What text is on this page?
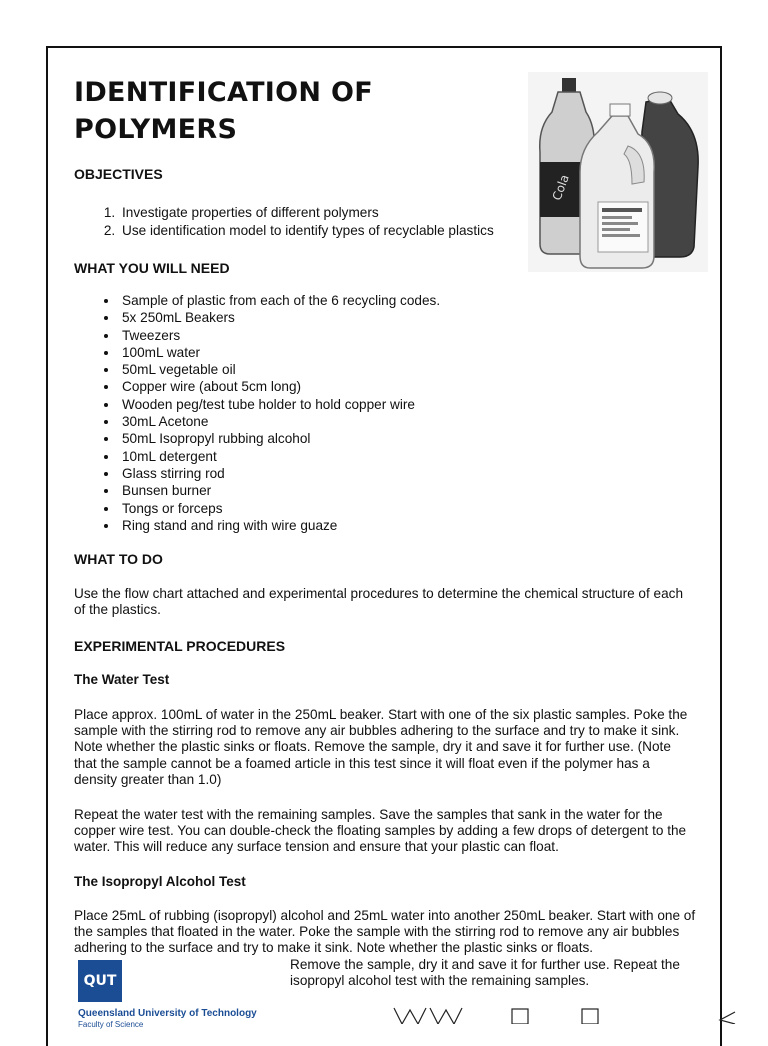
IDENTIFICATION OF POLYMERS
Cola
OBJECTIVES
1. Investigate properties of different polymers
2. Use identification model to identify types of recyclable plastics
WHAT YOU WILL NEED
• Sample of plastic from each of the 6 recycling codes.
• 5x 250mL Beakers
• Tweezers
• 100mL water
• 50mL vegetable oil
• Copper wire (about 5cm long)
• Wooden peg/test tube holder to hold copper wire
• 30mL Acetone
• 50mL Isopropyl rubbing alcohol
• 10mL detergent
• Glass stirring rod
• Bunsen burner
• Tongs or forceps
• Ring stand and ring with wire guaze
WHAT TO DO
Use the flow chart attached and experimental procedures to determine the chemical structure of each of the plastics.
EXPERIMENTAL PROCEDURES
The Water Test
Place approx. 100mL of water in the 250mL beaker. Start with one of the six plastic samples. Poke the sample with the stirring rod to remove any air bubbles adhering to the surface and try to make it sink. Note whether the plastic sinks or floats. Remove the sample, dry it and save it for further use. (Note that the sample cannot be a foamed article in this test since it will float even if the polymer has a density greater than 1.0)
Repeat the water test with the remaining samples. Save the samples that sank in the water for the copper wire test. You can double-check the floating samples by adding a few drops of detergent to the water. This will reduce any surface tension and ensure that your plastic can float.
The Isopropyl Alcohol Test
Place 25mL of rubbing (isopropyl) alcohol and 25mL water into another 250mL beaker. Start with one of the samples that floated in the water. Poke the sample with the stirring rod to remove any air bubbles adhering to the surface and try to make it sink. Note whether the plastic sinks or floats.
QUT
Queensland University of Technology
Faculty of Science
Remove the sample, dry it and save it for further use. Repeat the isopropyl alcohol test with the remaining samples.
